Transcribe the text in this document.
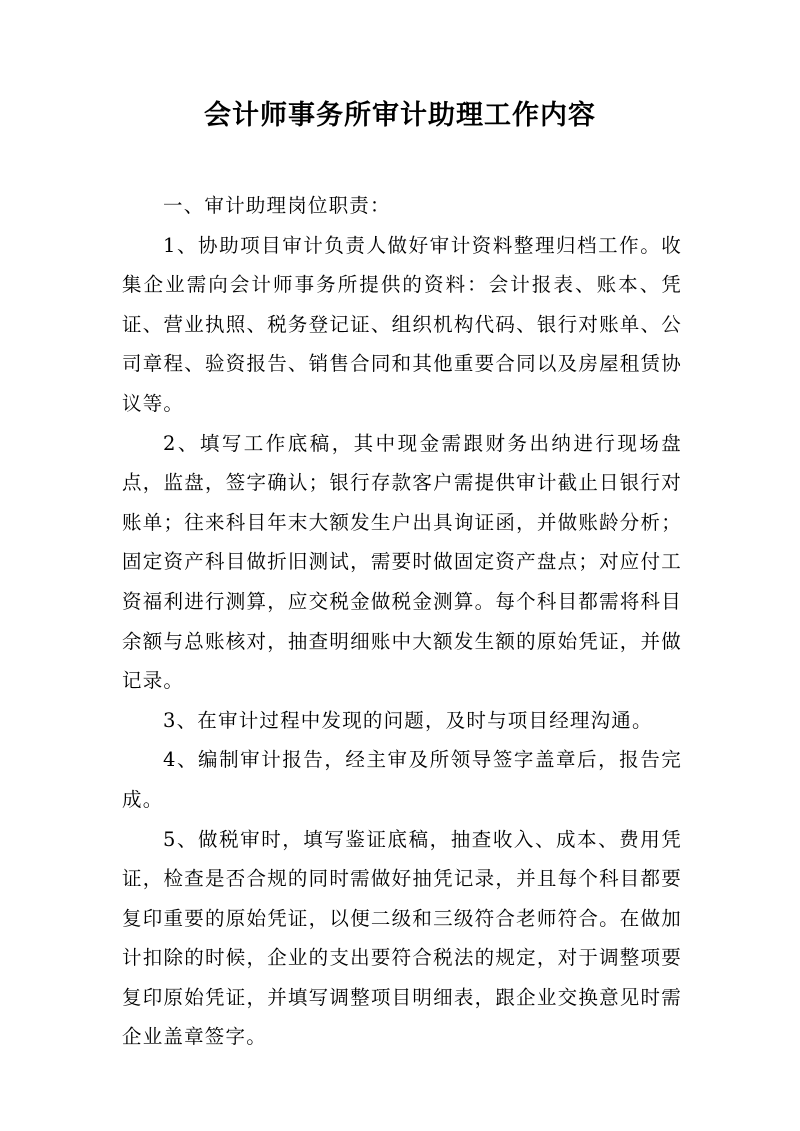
会计师事务所审计助理工作内容

一、审计助理岗位职责：

1、协助项目审计负责人做好审计资料整理归档工作。收集企业需向会计师事务所提供的资料：会计报表、账本、凭证、营业执照、税务登记证、组织机构代码、银行对账单、公司章程、验资报告、销售合同和其他重要合同以及房屋租赁协议等。

2、填写工作底稿，其中现金需跟财务出纳进行现场盘点，监盘，签字确认；银行存款客户需提供审计截止日银行对账单；往来科目年末大额发生户出具询证函，并做账龄分析；固定资产科目做折旧测试，需要时做固定资产盘点；对应付工资福利进行测算，应交税金做税金测算。每个科目都需将科目余额与总账核对，抽查明细账中大额发生额的原始凭证，并做记录。

3、在审计过程中发现的问题，及时与项目经理沟通。

4、编制审计报告，经主审及所领导签字盖章后，报告完成。

5、做税审时，填写鉴证底稿，抽查收入、成本、费用凭证，检查是否合规的同时需做好抽凭记录，并且每个科目都要复印重要的原始凭证，以便二级和三级符合老师符合。在做加计扣除的时候，企业的支出要符合税法的规定，对于调整项要复印原始凭证，并填写调整项目明细表，跟企业交换意见时需企业盖章签字。
